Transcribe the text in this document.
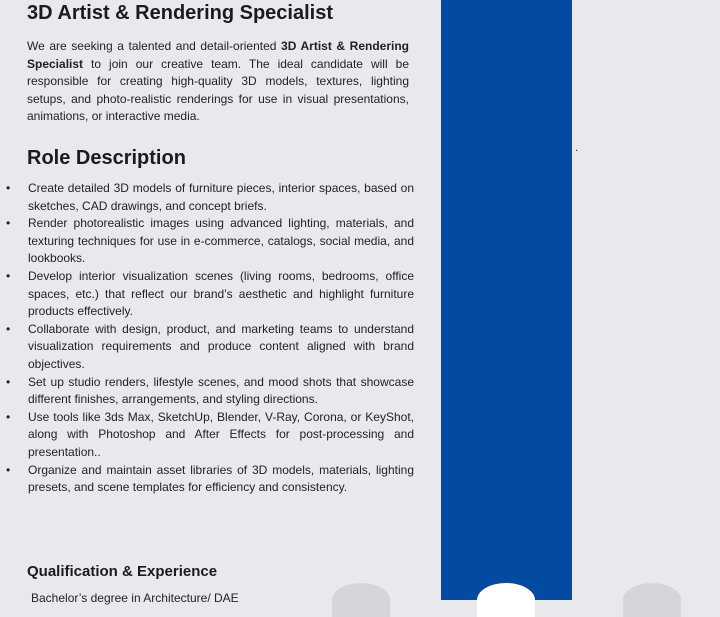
3D Artist & Rendering Specialist

We are seeking a talented and detail-oriented 3D Artist & Rendering Specialist to join our creative team. The ideal candidate will be responsible for creating high-quality 3D models, textures, lighting setups, and photo-realistic renderings for use in visual presentations, animations, or interactive media.

Role Description
• Create detailed 3D models of furniture pieces, interior spaces, based on sketches, CAD drawings, and concept briefs.
• Render photorealistic images using advanced lighting, materials, and texturing techniques for use in e-commerce, catalogs, social media, and lookbooks.
• Develop interior visualization scenes (living rooms, bedrooms, office spaces, etc.) that reflect our brand’s aesthetic and highlight furniture products effectively.
• Collaborate with design, product, and marketing teams to understand visualization requirements and produce content aligned with brand objectives.
• Set up studio renders, lifestyle scenes, and mood shots that showcase different finishes, arrangements, and styling directions.
• Use tools like 3ds Max, SketchUp, Blender, V-Ray, Corona, or KeyShot, along with Photoshop and After Effects for post-processing and presentation..
• Organize and maintain asset libraries of 3D models, materials, lighting presets, and scene templates for efficiency and consistency.
Qualification & Experience
Bachelor’s degree in Architecture/ DAE
.
